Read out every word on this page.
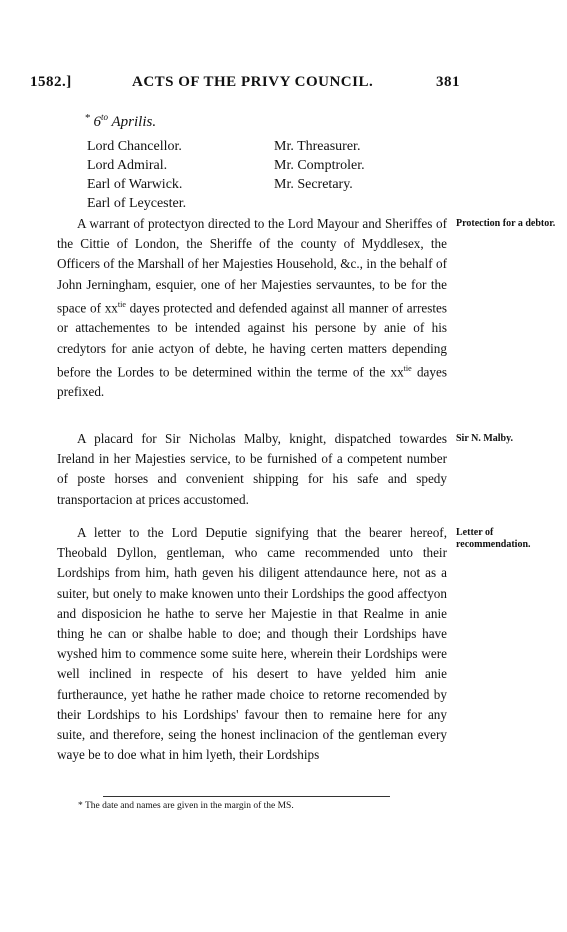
1582.]	ACTS OF THE PRIVY COUNCIL.	381
* $6^{to}$ Aprilis.
Lord Chancellor.
Lord Admiral.
Earl of Warwick.
Earl of Leycester.
Mr. Threasurer.
Mr. Comptroler.
Mr. Secretary.

A warrant of protectyon directed to the Lord Mayour and Sheriffes of the Cittie of London, the Sheriffe of the county of Myddlesex, the Officers of the Marshall of her Majesties Household, &c., in the behalf of John Jerningham, esquier, one of her Majesties servauntes, to be for the space of $xx^{tie}$ dayes protected and defended against all manner of arrestes or attachementes to be intended against his persone by anie of his credytors for anie actyon of debte, he having certen matters depending before the Lordes to be determined within the terme of the $xx^{tie}$ dayes prefixed.

Protection for a debtor.

A placard for Sir Nicholas Malby, knight, dispatched towardes Ireland in her Majesties service, to be furnished of a competent number of poste horses and convenient shipping for his safe and spedy transportacion at prices accustomed.

Sir N. Malby.

A letter to the Lord Deputie signifying that the bearer hereof, Theobald Dyllon, gentleman, who came recommended unto their Lordships from him, hath geven his diligent attendaunce here, not as a suiter, but onely to make knowen unto their Lordships the good affectyon and disposicion he hathe to serve her Majestie in that Realme in anie thing he can or shalbe hable to doe; and though their Lordships have wyshed him to commence some suite here, wherein their Lordships were well inclined in respecte of his desert to have yelded him anie furtheraunce, yet hathe he rather made choice to retorne recomended by their Lordships to his Lordships' favour then to remaine here for any suite, and therefore, seing the honest inclinacion of the gentleman every waye be to doe what in him lyeth, their Lordships

Letter of recommendation.
* The date and names are given in the margin of the MS.
